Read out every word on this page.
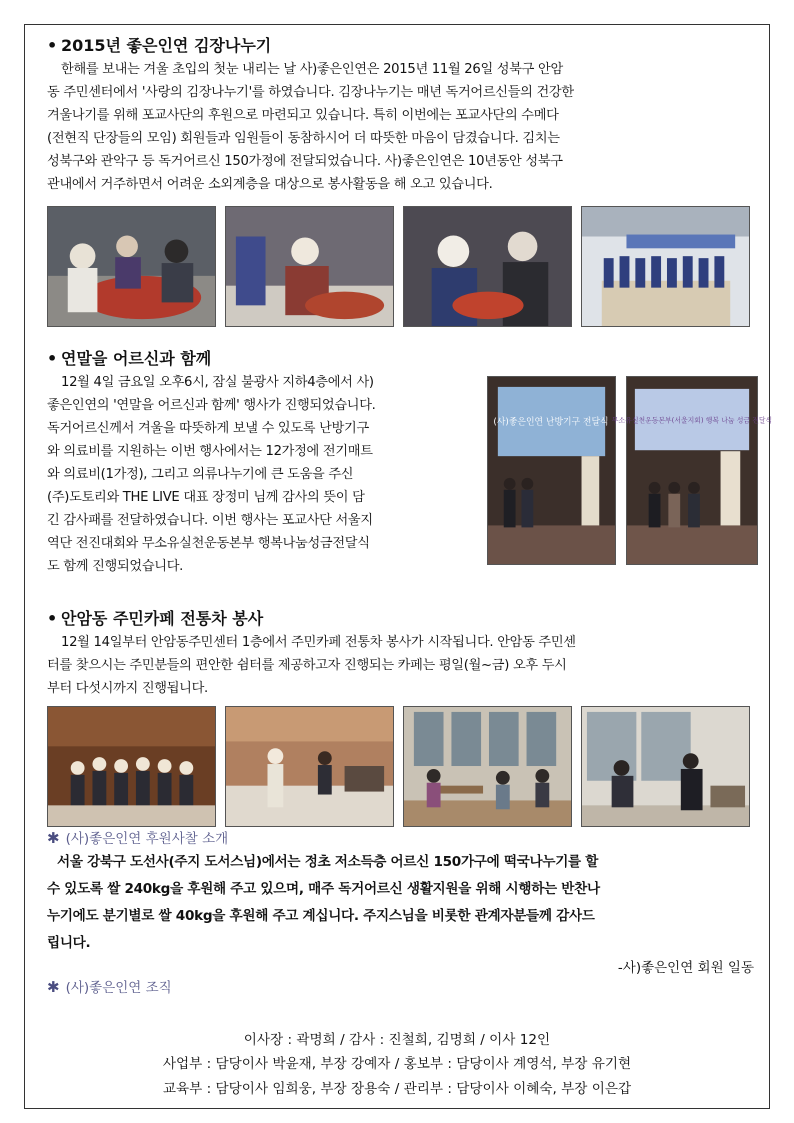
• 2015년 좋은인연 김장나누기
한해를 보내는 겨울 초입의 첫눈 내리는 날 사)좋은인연은 2015년 11월 26일 성북구 안암
동 주민센터에서 '사랑의 김장나누기'를 하였습니다. 김장나누기는 매년 독거어르신들의 건강한
겨울나기를 위해 포교사단의 후원으로 마련되고 있습니다. 특히 이번에는 포교사단의 수메다
(전현직 단장들의 모임) 회원들과 임원들이 동참하시어 더 따뜻한 마음이 담겼습니다. 김치는
성북구와 관악구 등 독거어르신 150가정에 전달되었습니다. 사)좋은인연은 10년동안 성북구
관내에서 거주하면서 어려운 소외계층을 대상으로 봉사활동을 해 오고 있습니다.
• 연말을 어르신과 함께
12월 4일 금요일 오후6시, 잠실 불광사 지하4층에서 사)
좋은인연의 '연말을 어르신과 함께' 행사가 진행되었습니다.
독거어르신께서 겨울을 따뜻하게 보낼 수 있도록 난방기구
와 의료비를 지원하는 이번 행사에서는 12가정에 전기매트
와 의료비(1가정), 그리고 의류나누기에 큰 도움을 주신
(주)도토리와 THE LIVE 대표 장정미 님께 감사의 뜻이 담
긴 감사패를 전달하였습니다. 이번 행사는 포교사단 서울지
역단 전진대회와 무소유실천운동본부 행복나눔성금전달식
도 함께 진행되었습니다.
(사)좋은인연 난방기구 전달식 무소유실천운동본부(서울지회) 행복 나눔 성금 전달식
• 안암동 주민카페 전통차 봉사
12월 14일부터 안암동주민센터 1층에서 주민카페 전통차 봉사가 시작됩니다. 안암동 주민센
터를 찾으시는 주민분들의 편안한 쉼터를 제공하고자 진행되는 카페는 평일(월~금) 오후 두시
부터 다섯시까지 진행됩니다.
✱ (사)좋은인연 후원사찰 소개
서울 강북구 도선사(주지 도서스님)에서는 정초 저소득층 어르신 150가구에 떡국나누기를 할
수 있도록 쌀 240kg을 후원해 주고 있으며, 매주 독거어르신 생활지원을 위해 시행하는 반찬나
누기에도 분기별로 쌀 40kg을 후원해 주고 계십니다. 주지스님을 비롯한 관계자분들께 감사드
립니다.
-사)좋은인연 회원 일동
✱ (사)좋은인연 조직
이사장 : 곽명희 / 감사 : 진철희, 김명희 / 이사 12인
사업부 : 담당이사 박윤재, 부장 강예자 / 홍보부 : 담당이사 계영석, 부장 유기현
교육부 : 담당이사 임희웅, 부장 장용숙 / 관리부 : 담당이사 이혜숙, 부장 이은갑
